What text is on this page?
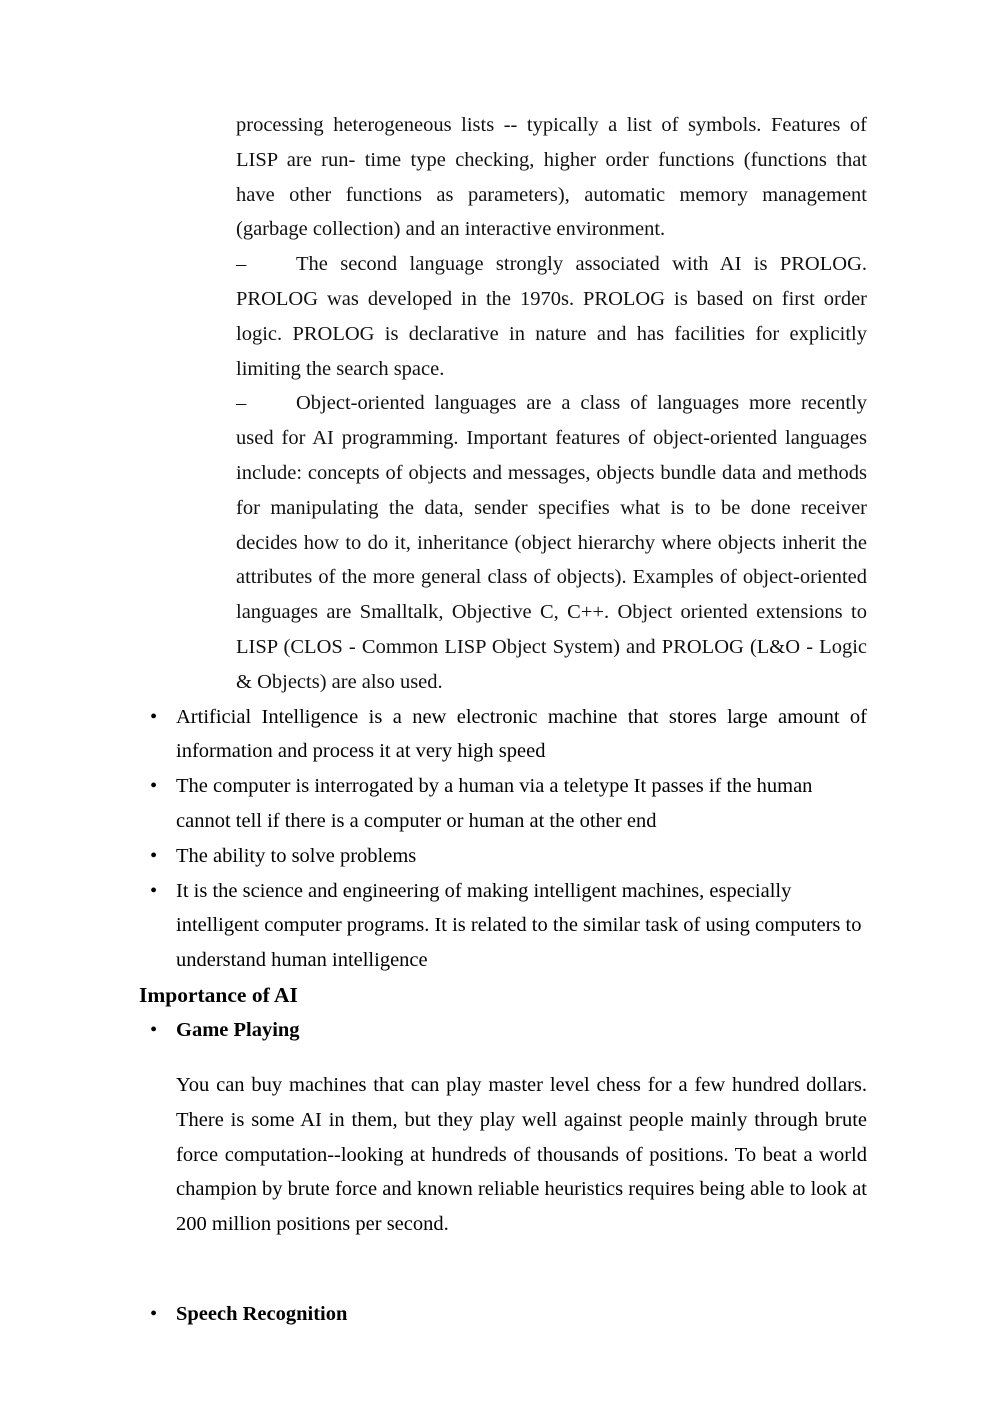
processing heterogeneous lists -- typically a list of symbols. Features of LISP are run- time type checking, higher order functions (functions that have other functions as parameters), automatic memory management (garbage collection) and an interactive environment.

– The second language strongly associated with AI is PROLOG. PROLOG was developed in the 1970s. PROLOG is based on first order logic. PROLOG is declarative in nature and has facilities for explicitly limiting the search space.

– Object-oriented languages are a class of languages more recently used for AI programming. Important features of object-oriented languages include: concepts of objects and messages, objects bundle data and methods for manipulating the data, sender specifies what is to be done receiver decides how to do it, inheritance (object hierarchy where objects inherit the attributes of the more general class of objects). Examples of object-oriented languages are Smalltalk, Objective C, C++. Object oriented extensions to LISP (CLOS - Common LISP Object System) and PROLOG (L&O - Logic & Objects) are also used.

• Artificial Intelligence is a new electronic machine that stores large amount of information and process it at very high speed
• The computer is interrogated by a human via a teletype It passes if the human cannot tell if there is a computer or human at the other end
• The ability to solve problems
• It is the science and engineering of making intelligent machines, especially intelligent computer programs. It is related to the similar task of using computers to understand human intelligence
Importance of AI
• Game Playing

You can buy machines that can play master level chess for a few hundred dollars. There is some AI in them, but they play well against people mainly through brute force computation--looking at hundreds of thousands of positions. To beat a world champion by brute force and known reliable heuristics requires being able to look at 200 million positions per second.

• Speech Recognition
